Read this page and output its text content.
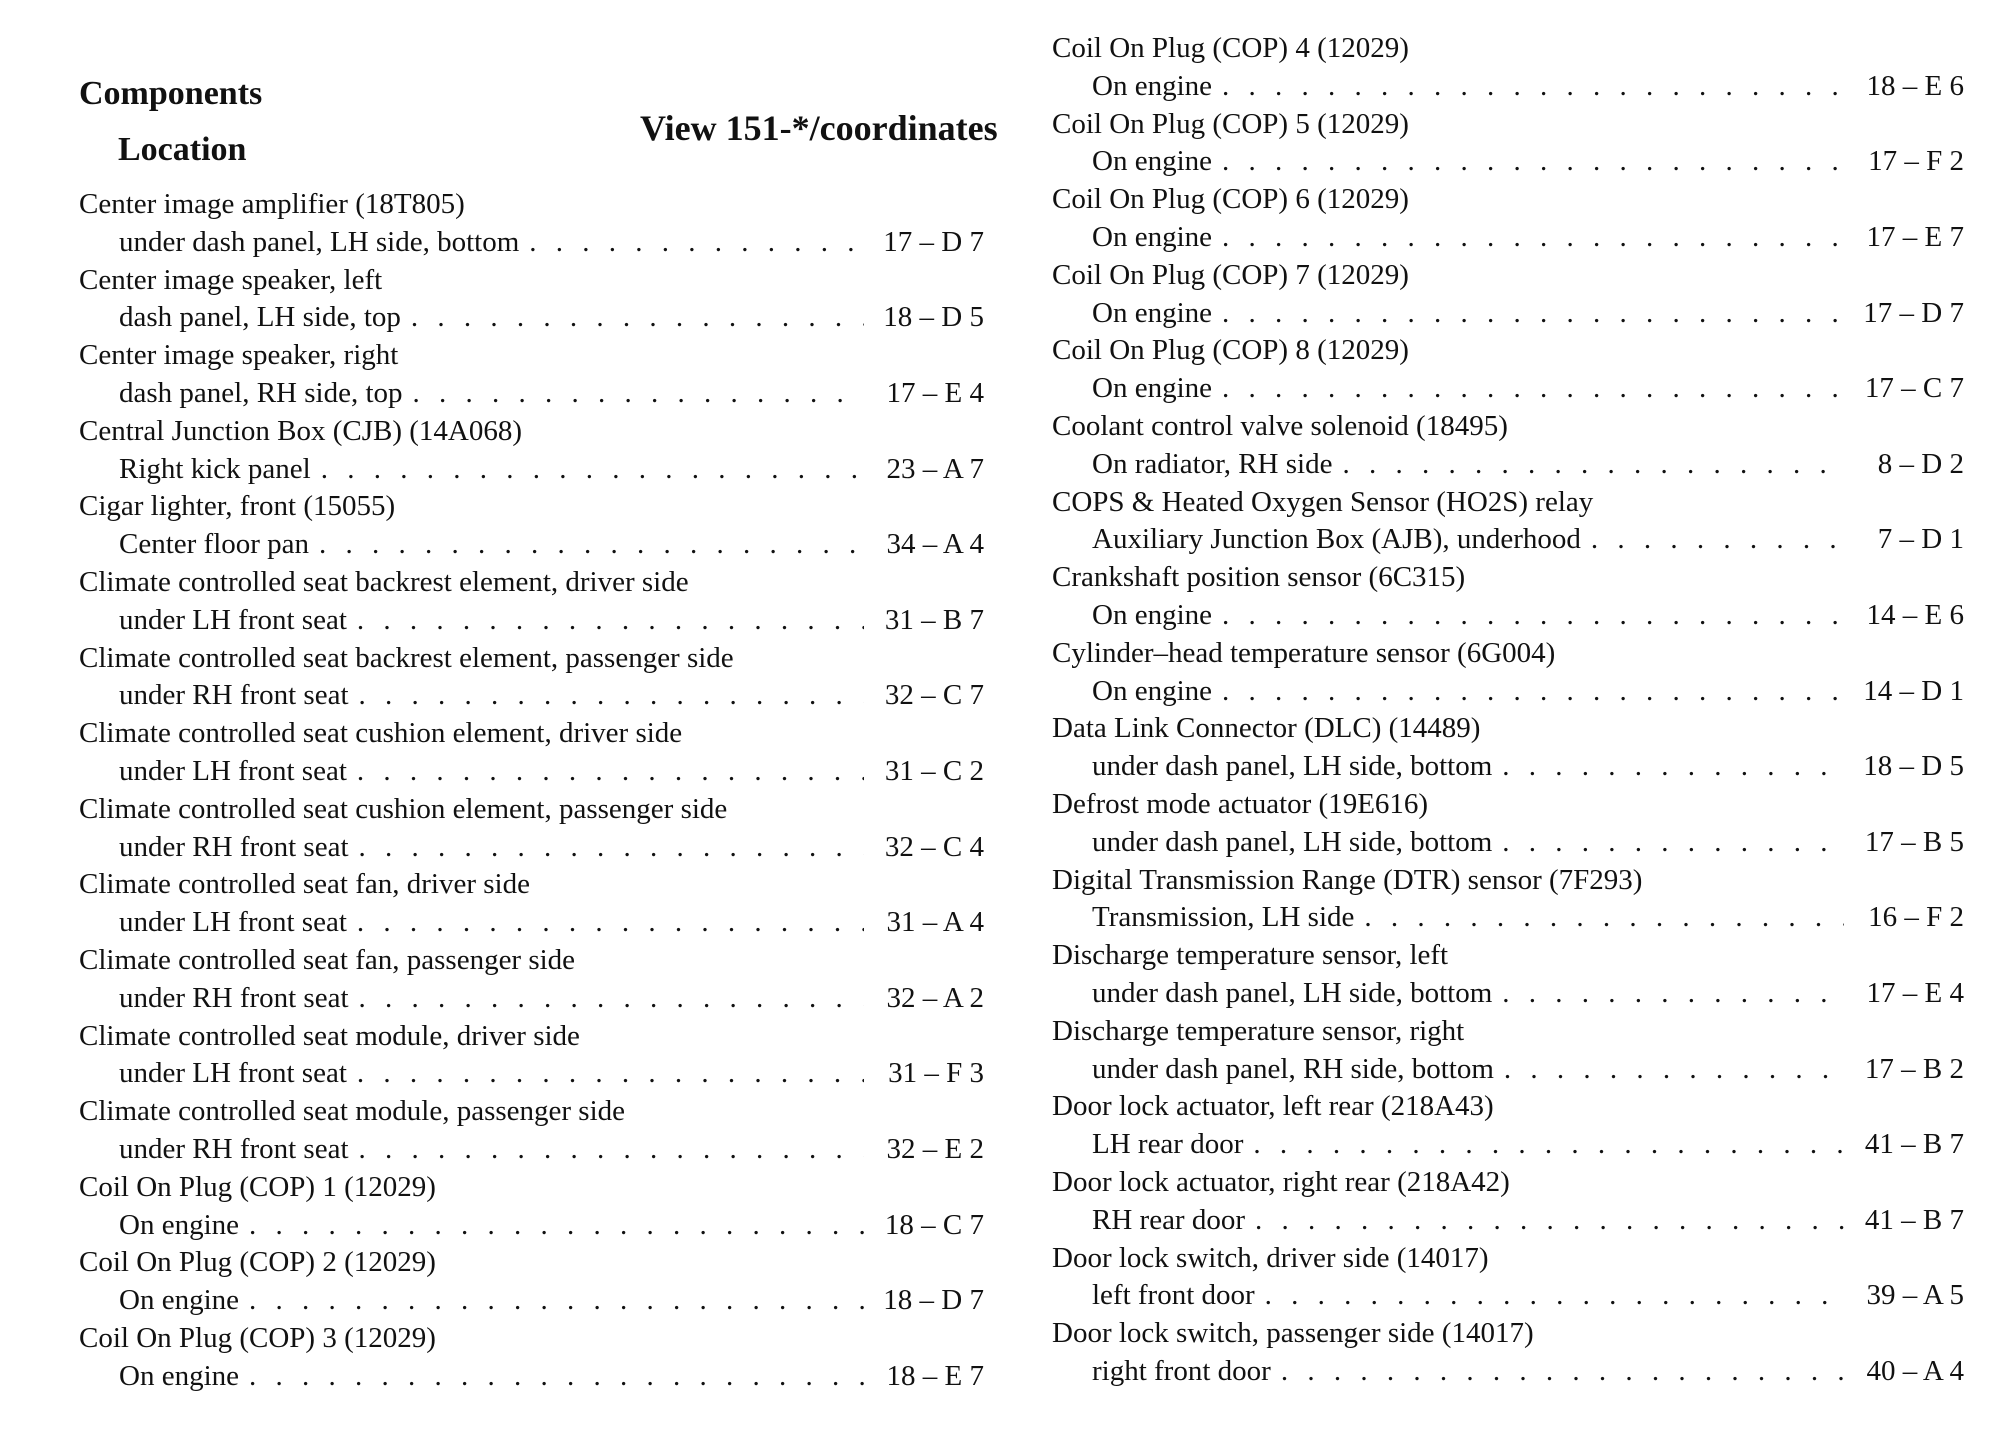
Components
Location
View 151-*/coordinates
Center image amplifier (18T805)
under dash panel, LH side, bottom . . .	17 – D 7
Center image speaker, left
dash panel, LH side, top . . .	18 – D 5
Center image speaker, right
dash panel, RH side, top . . .	17 – E 4
Central Junction Box (CJB) (14A068)
Right kick panel . . .	23 – A 7
Cigar lighter, front (15055)
Center floor pan . . .	34 – A 4
Climate controlled seat backrest element, driver side
under LH front seat . . .	31 – B 7
Climate controlled seat backrest element, passenger side
under RH front seat . . .	32 – C 7
Climate controlled seat cushion element, driver side
under LH front seat . . .	31 – C 2
Climate controlled seat cushion element, passenger side
under RH front seat . . .	32 – C 4
Climate controlled seat fan, driver side
under LH front seat . . .	31 – A 4
Climate controlled seat fan, passenger side
under RH front seat . . .	32 – A 2
Climate controlled seat module, driver side
under LH front seat . . .	31 – F 3
Climate controlled seat module, passenger side
under RH front seat . . .	32 – E 2
Coil On Plug (COP) 1 (12029)
On engine . . .	18 – C 7
Coil On Plug (COP) 2 (12029)
On engine . . .	18 – D 7
Coil On Plug (COP) 3 (12029)
On engine . . .	18 – E 7
Coil On Plug (COP) 4 (12029)
On engine . . .	18 – E 6
Coil On Plug (COP) 5 (12029)
On engine . . .	17 – F 2
Coil On Plug (COP) 6 (12029)
On engine . . .	17 – E 7
Coil On Plug (COP) 7 (12029)
On engine . . .	17 – D 7
Coil On Plug (COP) 8 (12029)
On engine . . .	17 – C 7
Coolant control valve solenoid (18495)
On radiator, RH side . . .	8 – D 2
COPS & Heated Oxygen Sensor (HO2S) relay
Auxiliary Junction Box (AJB), underhood . . .	7 – D 1
Crankshaft position sensor (6C315)
On engine . . .	14 – E 6
Cylinder–head temperature sensor (6G004)
On engine . . .	14 – D 1
Data Link Connector (DLC) (14489)
under dash panel, LH side, bottom . . .	18 – D 5
Defrost mode actuator (19E616)
under dash panel, LH side, bottom . . .	17 – B 5
Digital Transmission Range (DTR) sensor (7F293)
Transmission, LH side . . .	16 – F 2
Discharge temperature sensor, left
under dash panel, LH side, bottom . . .	17 – E 4
Discharge temperature sensor, right
under dash panel, RH side, bottom . . .	17 – B 2
Door lock actuator, left rear (218A43)
LH rear door . . .	41 – B 7
Door lock actuator, right rear (218A42)
RH rear door . . .	41 – B 7
Door lock switch, driver side (14017)
left front door . . .	39 – A 5
Door lock switch, passenger side (14017)
right front door . . .	40 – A 4
